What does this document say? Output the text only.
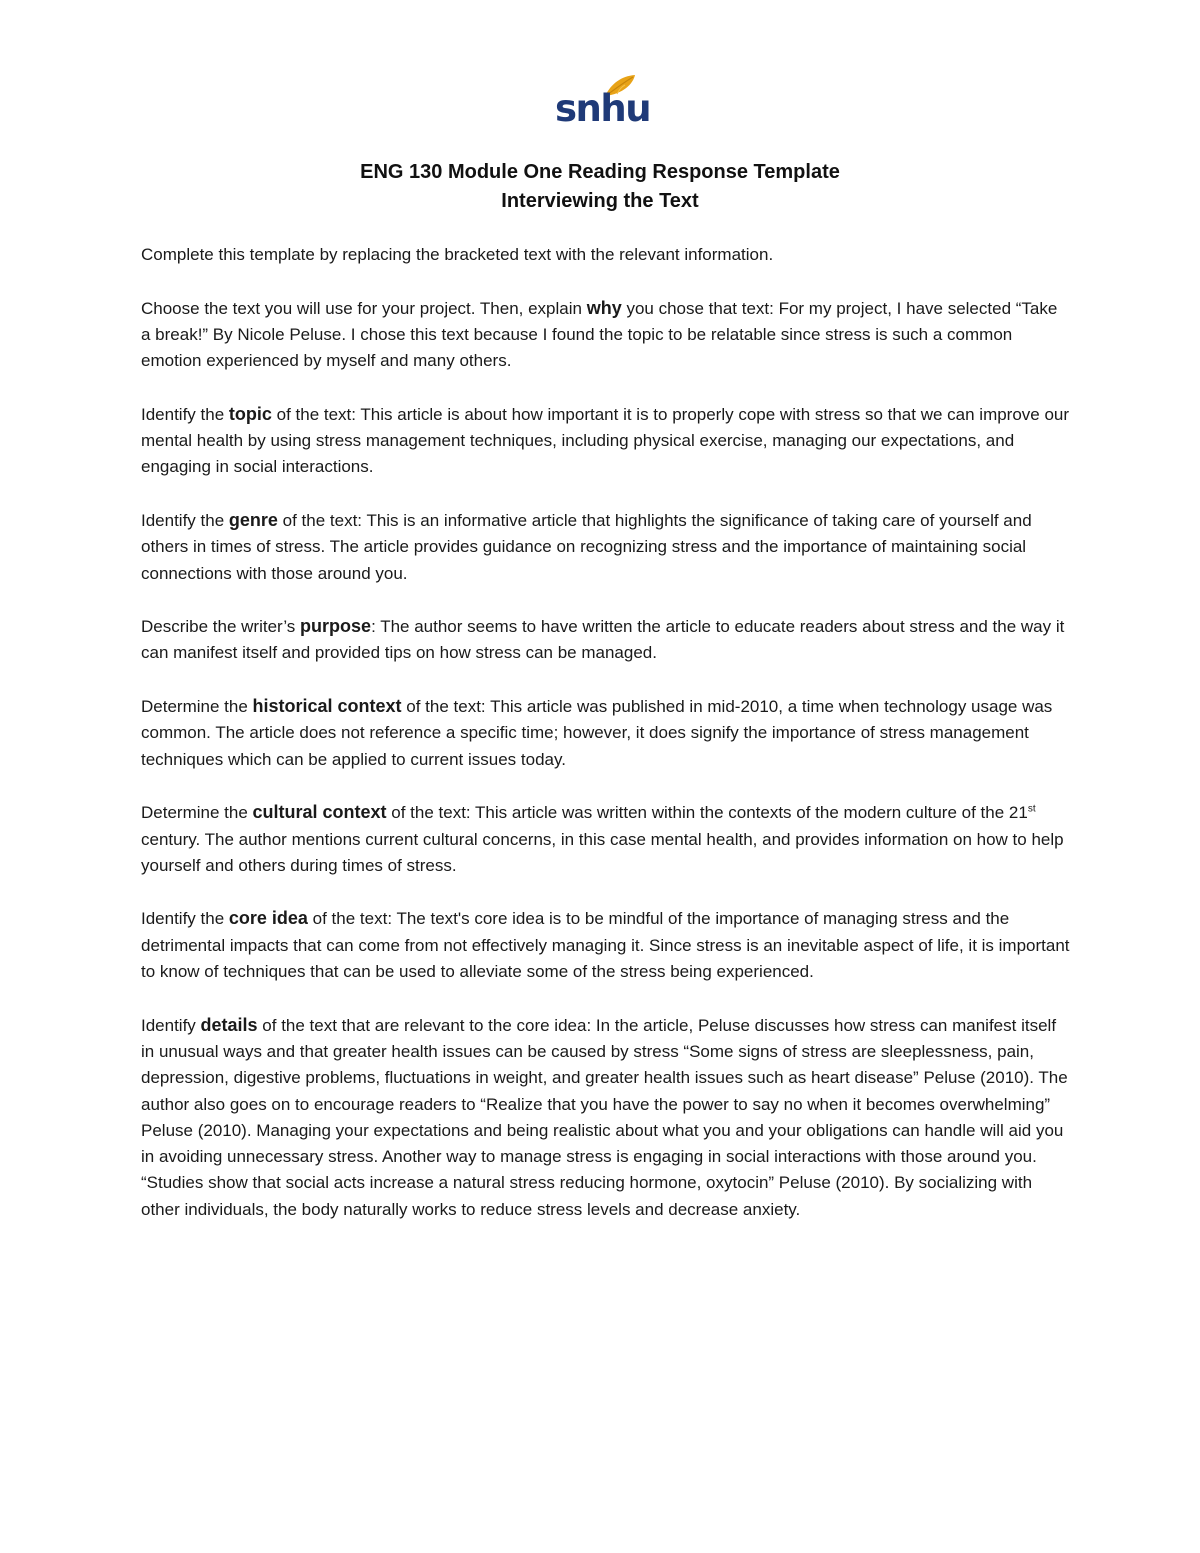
snhu
ENG 130 Module One Reading Response Template
Interviewing the Text

Complete this template by replacing the bracketed text with the relevant information.

Choose the text you will use for your project. Then, explain why you chose that text: For my project, I have selected “Take a break!” By Nicole Peluse. I chose this text because I found the topic to be relatable since stress is such a common emotion experienced by myself and many others.

Identify the topic of the text: This article is about how important it is to properly cope with stress so that we can improve our mental health by using stress management techniques, including physical exercise, managing our expectations, and engaging in social interactions.

Identify the genre of the text: This is an informative article that highlights the significance of taking care of yourself and others in times of stress. The article provides guidance on recognizing stress and the importance of maintaining social connections with those around you.

Describe the writer’s purpose: The author seems to have written the article to educate readers about stress and the way it can manifest itself and provided tips on how stress can be managed.

Determine the historical context of the text: This article was published in mid-2010, a time when technology usage was common. The article does not reference a specific time; however, it does signify the importance of stress management techniques which can be applied to current issues today.

Determine the cultural context of the text: This article was written within the contexts of the modern culture of the 21st century. The author mentions current cultural concerns, in this case mental health, and provides information on how to help yourself and others during times of stress.

Identify the core idea of the text: The text's core idea is to be mindful of the importance of managing stress and the detrimental impacts that can come from not effectively managing it. Since stress is an inevitable aspect of life, it is important to know of techniques that can be used to alleviate some of the stress being experienced.

Identify details of the text that are relevant to the core idea: In the article, Peluse discusses how stress can manifest itself in unusual ways and that greater health issues can be caused by stress “Some signs of stress are sleeplessness, pain, depression, digestive problems, fluctuations in weight, and greater health issues such as heart disease” Peluse (2010). The author also goes on to encourage readers to “Realize that you have the power to say no when it becomes overwhelming” Peluse (2010). Managing your expectations and being realistic about what you and your obligations can handle will aid you in avoiding unnecessary stress. Another way to manage stress is engaging in social interactions with those around you. “Studies show that social acts increase a natural stress reducing hormone, oxytocin” Peluse (2010). By socializing with other individuals, the body naturally works to reduce stress levels and decrease anxiety.
